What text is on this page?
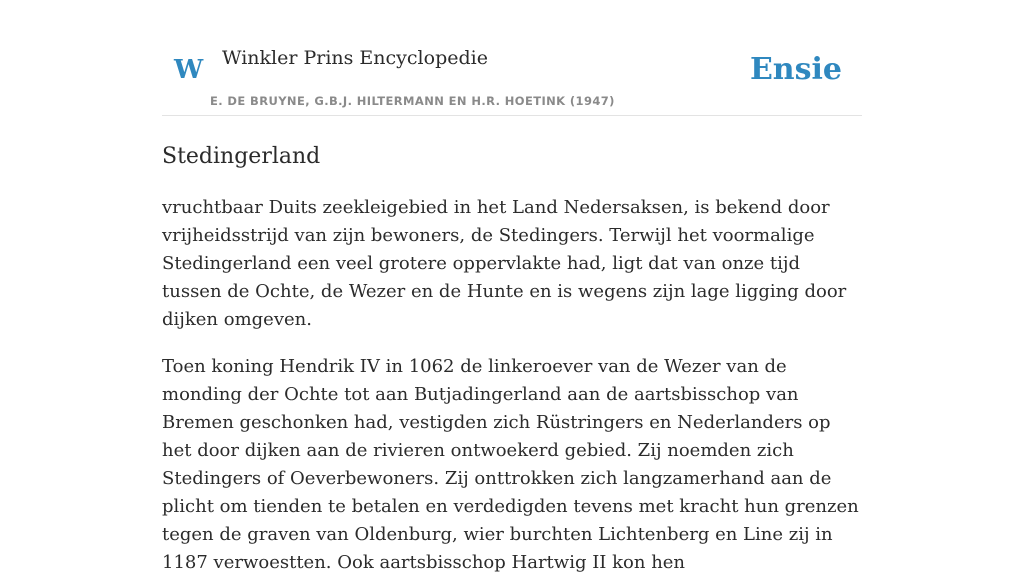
W Winkler Prins Encyclopedie
E. DE BRUYNE, G.B.J. HILTERMANN EN H.R. HOETINK (1947)
Ensie
Stedingerland

vruchtbaar Duits zeekleigebied in het Land Nedersaksen, is bekend door vrijheidsstrijd van zijn bewoners, de Stedingers. Terwijl het voormalige Stedingerland een veel grotere oppervlakte had, ligt dat van onze tijd tussen de Ochte, de Wezer en de Hunte en is wegens zijn lage ligging door dijken omgeven.

Toen koning Hendrik IV in 1062 de linkeroever van de Wezer van de monding der Ochte tot aan Butjadingerland aan de aartsbisschop van Bremen geschonken had, vestigden zich Rüstringers en Nederlanders op het door dijken aan de rivieren ontwoekerd gebied. Zij noemden zich Stedingers of Oeverbewoners. Zij onttrokken zich langzamerhand aan de plicht om tienden te betalen en verdedigden tevens met kracht hun grenzen tegen de graven van Oldenburg, wier burchten Lichtenberg en Line zij in 1187 verwoestten. Ook aartsbisschop Hartwig II kon hen
